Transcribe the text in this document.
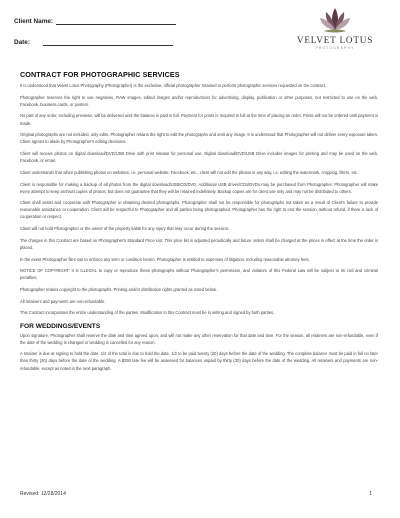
Client Name:
Date:	VELVET LOTUS
PHOTOGRAPHY
CONTRACT FOR PHOTOGRAPHIC SERVICES

It is understood that Velvet Lotus Photography (Photographer) is the exclusive, official photographer retained to perform photographic services requested on the contract.

Photographer reserves the right to use negatives, RAW images, edited images and/or reproductions for advertising, display, publication or other purposes, not restricted to use on the web, Facebook, business cards, or posters.

No part of any order, including previews, will be delivered until the balance is paid in full. Payment for prints is required in full at the time of placing an order. Prints will not be ordered until payment is made.

Original photographs are not included, only edits. Photographer retains the right to edit the photographs and omit any image. It is understood that Photographer will not deliver every exposure taken. Client agrees to abide by Photographer's editing decisions.

Client will receive photos on digital download/DVD/USB Drive with print release for personal use. Digital download/DVD/USB Drive includes images for printing and may be used on the web, Facebook, or email.

Client understands that when publishing photos on websites, i.e. personal website, Facebook, etc., client will not edit the photos in any way, i.e. editing the watermark, cropping, filters, etc.

Client is responsible for making a backup of all photos from the digital download/USB/CD/DVD. Additional USB drives/CDs/DVDs may be purchased from Photographer. Photographer will make every attempt to keep archival copies of photos, but does not guarantee that they will be retained indefinitely. Backup copies are for client use only and may not be distributed to others.

Client shall assist and cooperate with Photographer in obtaining desired photographs. Photographer shall not be responsible for photographs not taken as a result of Client's failure to provide reasonable assistance or cooperation. Client will be respectful to Photographer and all parties being photographed. Photographer has the right to end the session, without refund, if there is lack of cooperation or respect.

Client will not hold Photographer or the owner of the property liable for any injury that may occur during the session.

The charges in this Contract are based on Photographer's Standard Price List. This price list is adjusted periodically and future orders shall be charged at the prices in effect at the time the order is placed.

In the event Photographer files suit to enforce any term or condition herein, Photographer is entitled to expenses of litigation, including reasonable attorney fees.

NOTICE OF COPYRIGHT: It is ILLEGAL to copy or reproduce these photographs without Photographer's permission, and violators of this Federal Law will be subject to its civil and criminal penalties.

Photographer retains copyright to the photographs. Printing and/or distribution rights granted as noted below.

All retainers and payments are non-refundable.

This Contract incorporates the entire understanding of the parties. Modification to this Contract must be in writing and signed by both parties.

FOR WEDDINGS/EVENTS

Upon signature, Photographer shall reserve the date and time agreed upon, and will not make any other reservation for that date and time. For the season, all retainers are non-refundable, even if the date of the wedding is changed or wedding is cancelled for any reason.

A retainer is due at signing to hold the date. 1/2 of the total is due to hold the date. 1/2 to be paid twenty (20) days before the date of the wedding. The complete balance must be paid in full no later than thirty (30) days before the date of the wedding. A $250 late fee will be assessed for balances unpaid by thirty (30) days before the date of the wedding. All retainers and payments are non-refundable, except as noted in the next paragraph.

Revised: 12/28/2014	1
